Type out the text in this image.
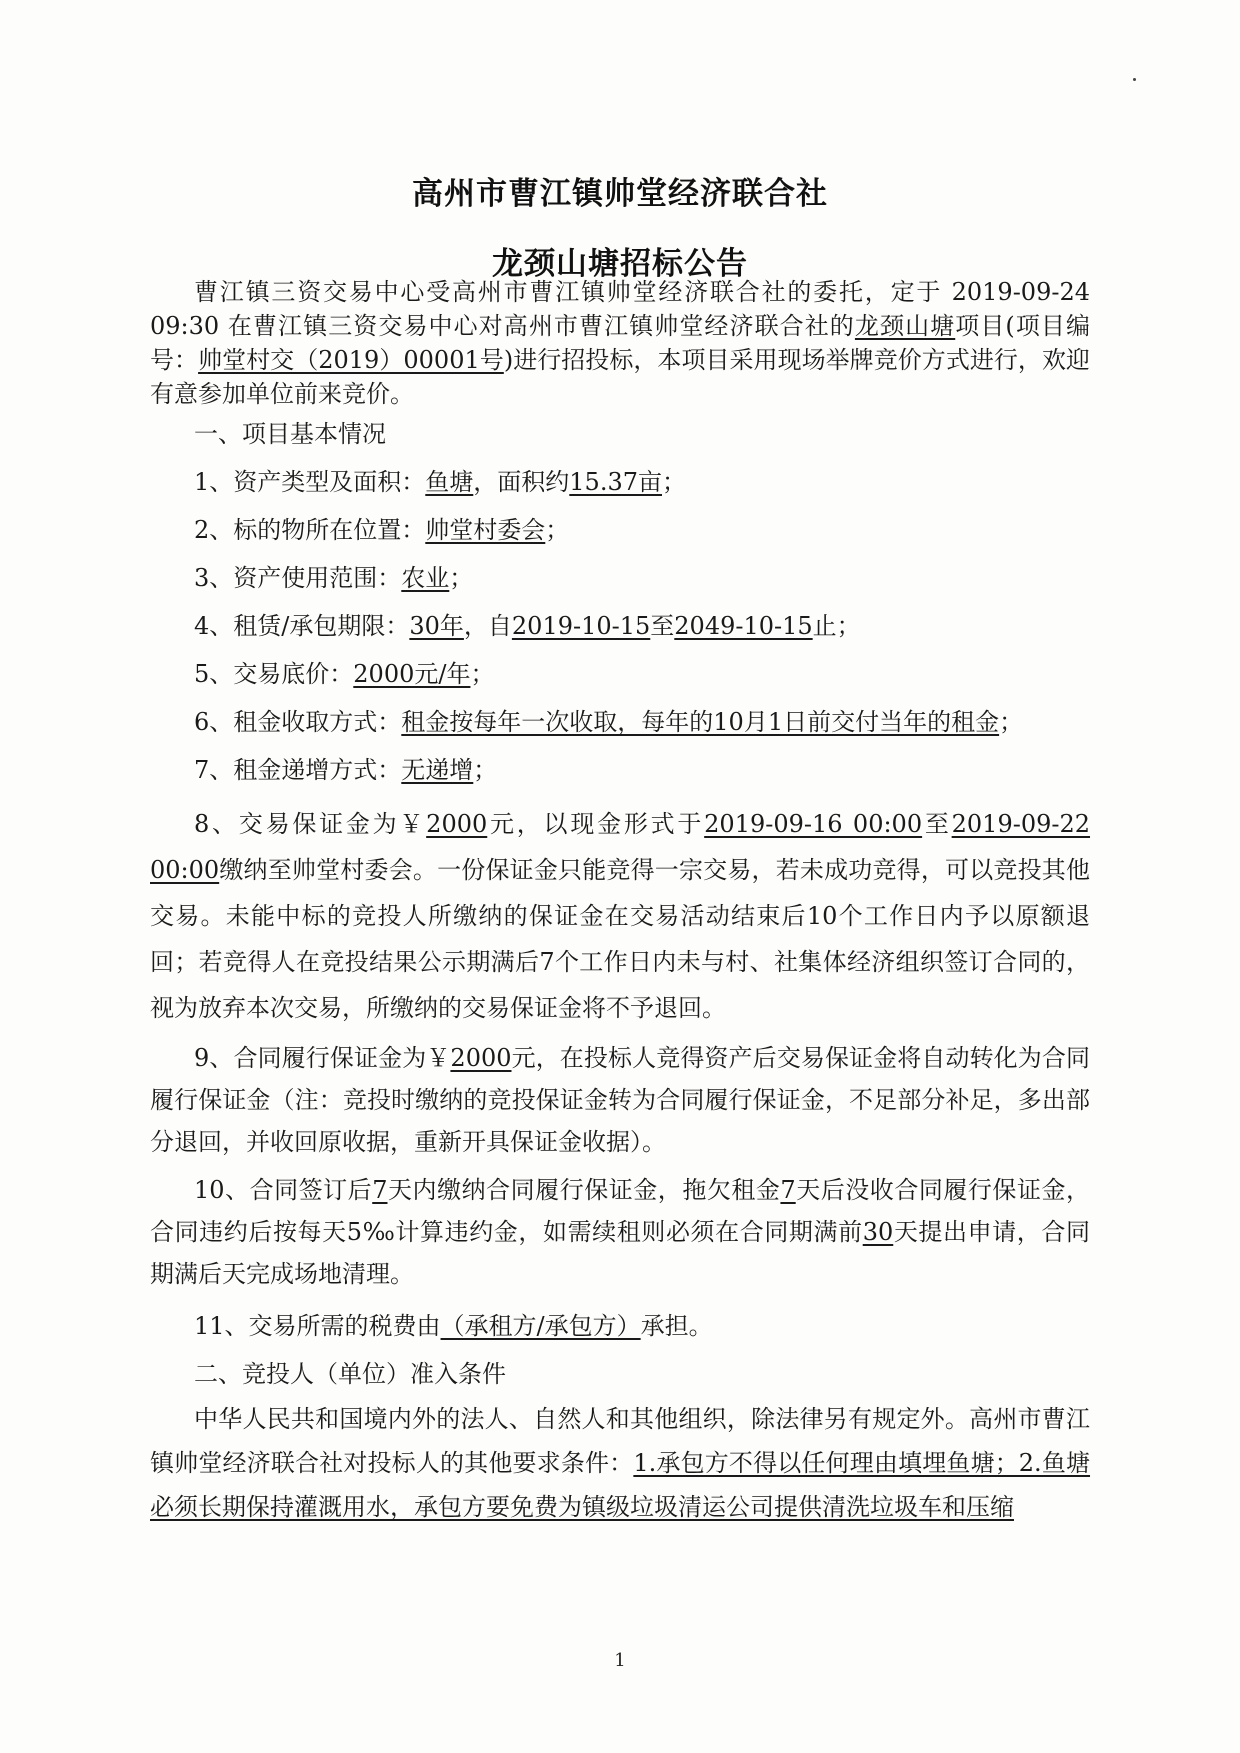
高州市曹江镇帅堂经济联合社
龙颈山塘招标公告

曹江镇三资交易中心受高州市曹江镇帅堂经济联合社的委托，定于 2019-09-24 09:30 在曹江镇三资交易中心对高州市曹江镇帅堂经济联合社的龙颈山塘项目(项目编号：帅堂村交（2019）00001号)进行招投标，本项目采用现场举牌竞价方式进行，欢迎有意参加单位前来竞价。

一、项目基本情况

1、资产类型及面积：鱼塘，面积约15.37亩；

2、标的物所在位置：帅堂村委会；

3、资产使用范围：农业；

4、租赁/承包期限：30年，自2019-10-15至2049-10-15止；

5、交易底价：2000元/年；

6、租金收取方式：租金按每年一次收取，每年的10月1日前交付当年的租金；

7、租金递增方式：无递增；

8、交易保证金为￥2000元，以现金形式于2019-09-16 00:00至2019-09-22 00:00缴纳至帅堂村委会。一份保证金只能竞得一宗交易，若未成功竞得，可以竞投其他交易。未能中标的竞投人所缴纳的保证金在交易活动结束后10个工作日内予以原额退回；若竞得人在竞投结果公示期满后7个工作日内未与村、社集体经济组织签订合同的，视为放弃本次交易，所缴纳的交易保证金将不予退回。

9、合同履行保证金为￥2000元，在投标人竞得资产后交易保证金将自动转化为合同履行保证金（注：竞投时缴纳的竞投保证金转为合同履行保证金，不足部分补足，多出部分退回，并收回原收据，重新开具保证金收据）。

10、合同签订后7天内缴纳合同履行保证金，拖欠租金7天后没收合同履行保证金，合同违约后按每天5‰计算违约金，如需续租则必须在合同期满前30天提出申请，合同期满后天完成场地清理。

11、交易所需的税费由（承租方/承包方）承担。

二、竞投人（单位）准入条件

中华人民共和国境内外的法人、自然人和其他组织，除法律另有规定外。高州市曹江镇帅堂经济联合社对投标人的其他要求条件：1.承包方不得以任何理由填埋鱼塘；2.鱼塘必须长期保持灌溉用水，承包方要免费为镇级垃圾清运公司提供清洗垃圾车和压缩

1
